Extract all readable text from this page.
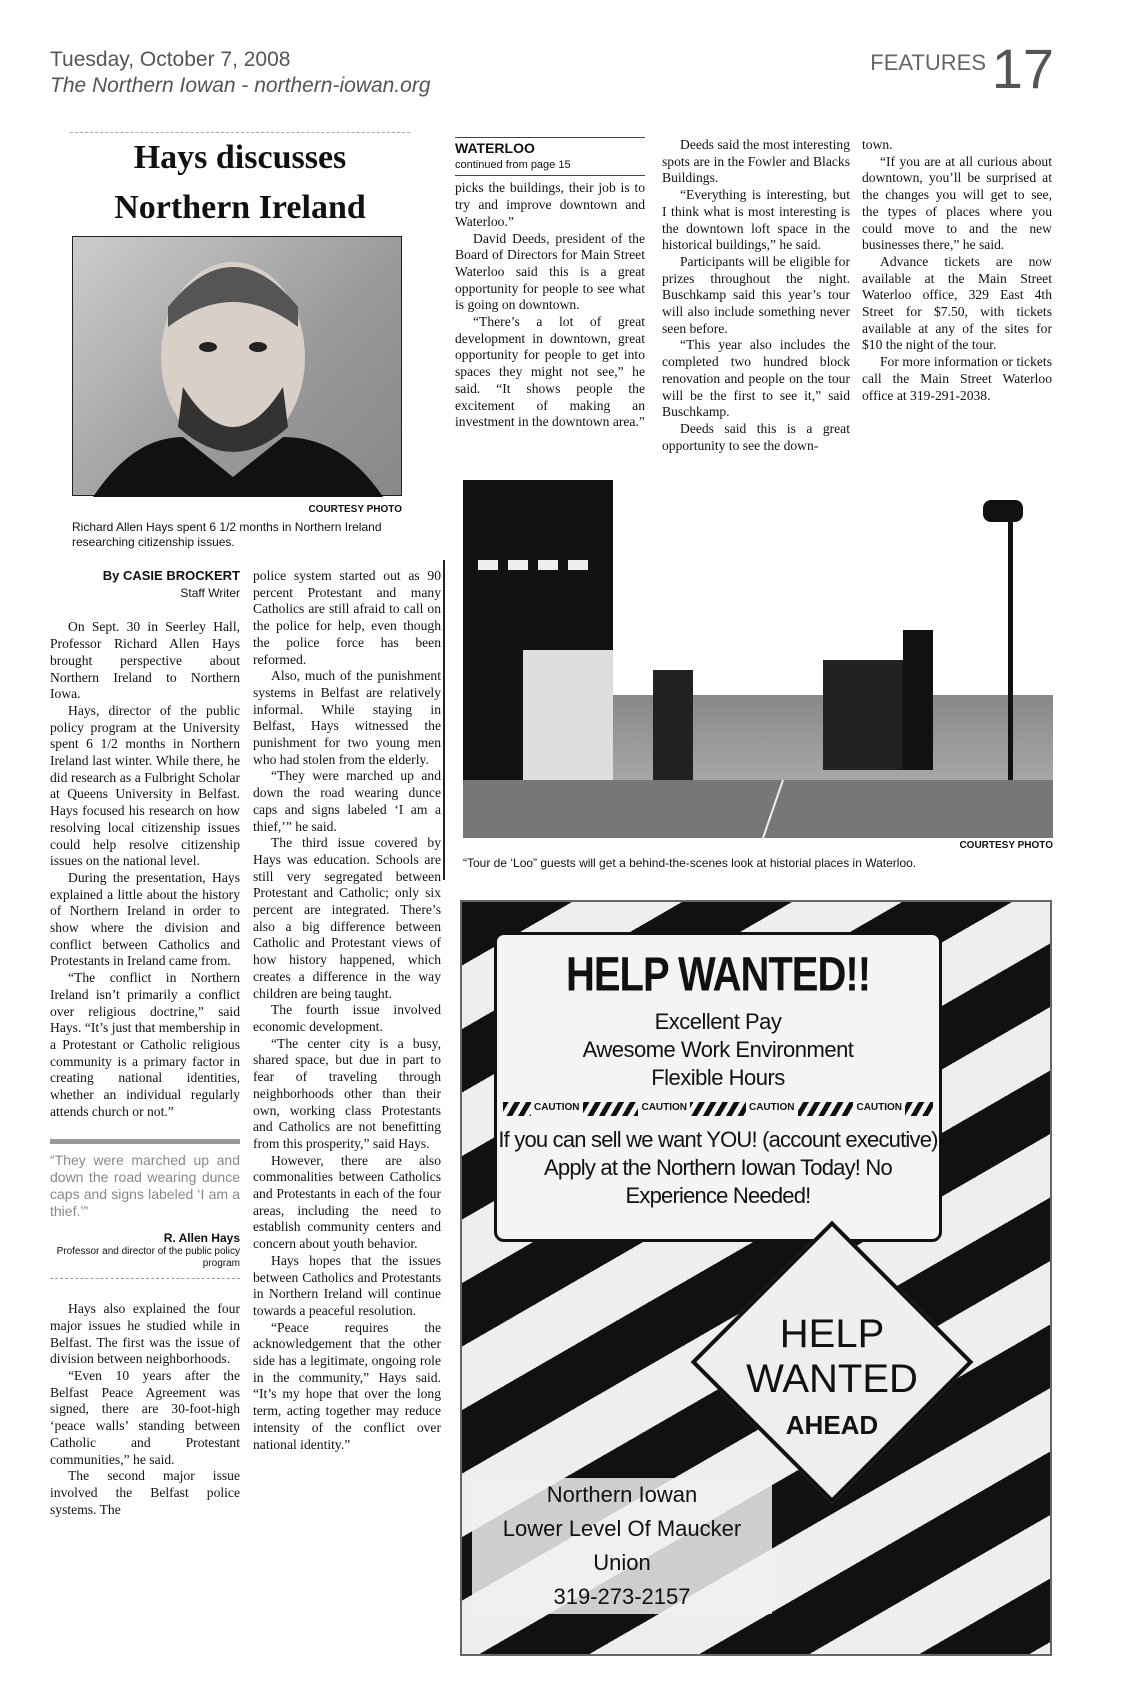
Tuesday, October 7, 2008
The Northern Iowan - northern-iowan.org
FEATURES 17
Hays discusses Northern Ireland
COURTESY PHOTO
Richard Allen Hays spent 6 1/2 months in Northern Ireland researching citizenship issues.
By CASIE BROCKERT
Staff Writer

On Sept. 30 in Seerley Hall, Professor Richard Allen Hays brought perspective about Northern Ireland to Northern Iowa.

Hays, director of the public policy program at the University spent 6 1/2 months in Northern Ireland last winter. While there, he did research as a Fulbright Scholar at Queens University in Belfast. Hays focused his research on how resolving local citizenship issues could help resolve citizenship issues on the national level.

During the presentation, Hays explained a little about the history of Northern Ireland in order to show where the division and conflict between Catholics and Protestants in Ireland came from.

“The conflict in Northern Ireland isn’t primarily a conflict over religious doctrine,” said Hays. “It’s just that membership in a Protestant or Catholic religious community is a primary factor in creating national identities, whether an individual regularly attends church or not.”

“They were marched up and down the road wearing dunce caps and signs labeled ‘I am a thief.’”
R. Allen Hays
Professor and director of the public policy program

Hays also explained the four major issues he studied while in Belfast. The first was the issue of division between neighborhoods.

“Even 10 years after the Belfast Peace Agreement was signed, there are 30-foot-high ‘peace walls’ standing between Catholic and Protestant communities,” he said.

The second major issue involved the Belfast police systems. The

police system started out as 90 percent Protestant and many Catholics are still afraid to call on the police for help, even though the police force has been reformed.

Also, much of the punishment systems in Belfast are relatively informal. While staying in Belfast, Hays witnessed the punishment for two young men who had stolen from the elderly.

“They were marched up and down the road wearing dunce caps and signs labeled ‘I am a thief,’” he said.

The third issue covered by Hays was education. Schools are still very segregated between Protestant and Catholic; only six percent are integrated. There’s also a big difference between Catholic and Protestant views of how history happened, which creates a difference in the way children are being taught.

The fourth issue involved economic development.

“The center city is a busy, shared space, but due in part to fear of traveling through neighborhoods other than their own, working class Protestants and Catholics are not benefitting from this prosperity,” said Hays.

However, there are also commonalities between Catholics and Protestants in each of the four areas, including the need to establish community centers and concern about youth behavior.

Hays hopes that the issues between Catholics and Protestants in Northern Ireland will continue towards a peaceful resolution.

“Peace requires the acknowledgement that the other side has a legitimate, ongoing role in the community,” Hays said. “It’s my hope that over the long term, acting together may reduce intensity of the conflict over national identity.”

WATERLOO
continued from page 15

picks the buildings, their job is to try and improve downtown and Waterloo.”

David Deeds, president of the Board of Directors for Main Street Waterloo said this is a great opportunity for people to see what is going on downtown.

“There’s a lot of great development in downtown, great opportunity for people to get into spaces they might not see,” he said. “It shows people the excitement of making an investment in the downtown area.”

Deeds said the most interesting spots are in the Fowler and Blacks Buildings.

“Everything is interesting, but I think what is most interesting is the downtown loft space in the historical buildings,” he said.

Participants will be eligible for prizes throughout the night. Buschkamp said this year’s tour will also include something never seen before.

“This year also includes the completed two hundred block renovation and people on the tour will be the first to see it,” said Buschkamp.

Deeds said this is a great opportunity to see the down-

town.

“If you are at all curious about downtown, you’ll be surprised at the changes you will get to see, the types of places where you could move to and the new businesses there,” he said.

Advance tickets are now available at the Main Street Waterloo office, 329 East 4th Street for $7.50, with tickets available at any of the sites for $10 the night of the tour.

For more information or tickets call the Main Street Waterloo office at 319-291-2038.

COURTESY PHOTO
“Tour de ‘Loo” guests will get a behind-the-scenes look at historial places in Waterloo.
HELP WANTED!!
Excellent Pay
Awesome Work Environment
Flexible Hours
CAUTION	CAUTION	CAUTION	CAUTION
If you can sell we want YOU! (account executive) Apply at the Northern Iowan Today! No Experience Needed!
HELP
WANTED
AHEAD
Northern Iowan
Lower Level Of Maucker Union
319-273-2157
